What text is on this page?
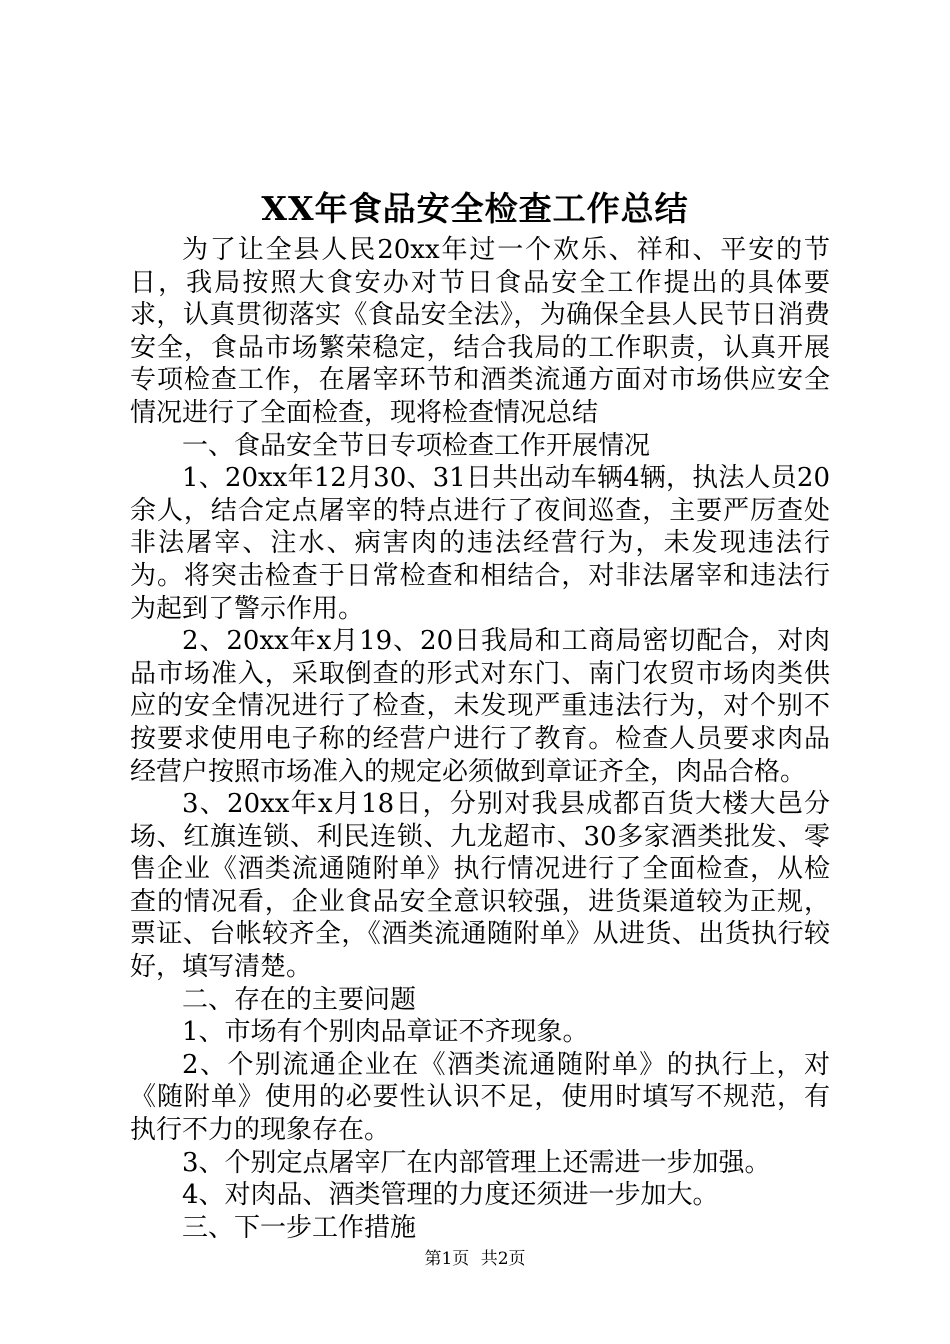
XX年食品安全检查工作总结

为了让全县人民20xx年过一个欢乐、祥和、平安的节日，我局按照大食安办对节日食品安全工作提出的具体要求，认真贯彻落实《食品安全法》，为确保全县人民节日消费安全，食品市场繁荣稳定，结合我局的工作职责，认真开展专项检查工作，在屠宰环节和酒类流通方面对市场供应安全情况进行了全面检查，现将检查情况总结

一、食品安全节日专项检查工作开展情况

1、20xx年12月30、31日共出动车辆4辆，执法人员20余人，结合定点屠宰的特点进行了夜间巡查，主要严厉查处非法屠宰、注水、病害肉的违法经营行为，未发现违法行为。将突击检查于日常检查和相结合，对非法屠宰和违法行为起到了警示作用。

2、20xx年x月19、20日我局和工商局密切配合，对肉品市场准入，采取倒查的形式对东门、南门农贸市场肉类供应的安全情况进行了检查，未发现严重违法行为，对个别不按要求使用电子称的经营户进行了教育。检查人员要求肉品经营户按照市场准入的规定必须做到章证齐全，肉品合格。

3、20xx年x月18日，分别对我县成都百货大楼大邑分场、红旗连锁、利民连锁、九龙超市、30多家酒类批发、零售企业《酒类流通随附单》执行情况进行了全面检查，从检查的情况看，企业食品安全意识较强，进货渠道较为正规，票证、台帐较齐全，《酒类流通随附单》从进货、出货执行较好，填写清楚。

二、存在的主要问题

1、市场有个别肉品章证不齐现象。

2、个别流通企业在《酒类流通随附单》的执行上，对《随附单》使用的必要性认识不足，使用时填写不规范，有执行不力的现象存在。

3、个别定点屠宰厂在内部管理上还需进一步加强。

4、对肉品、酒类管理的力度还须进一步加大。

三、下一步工作措施

第1页 共2页
